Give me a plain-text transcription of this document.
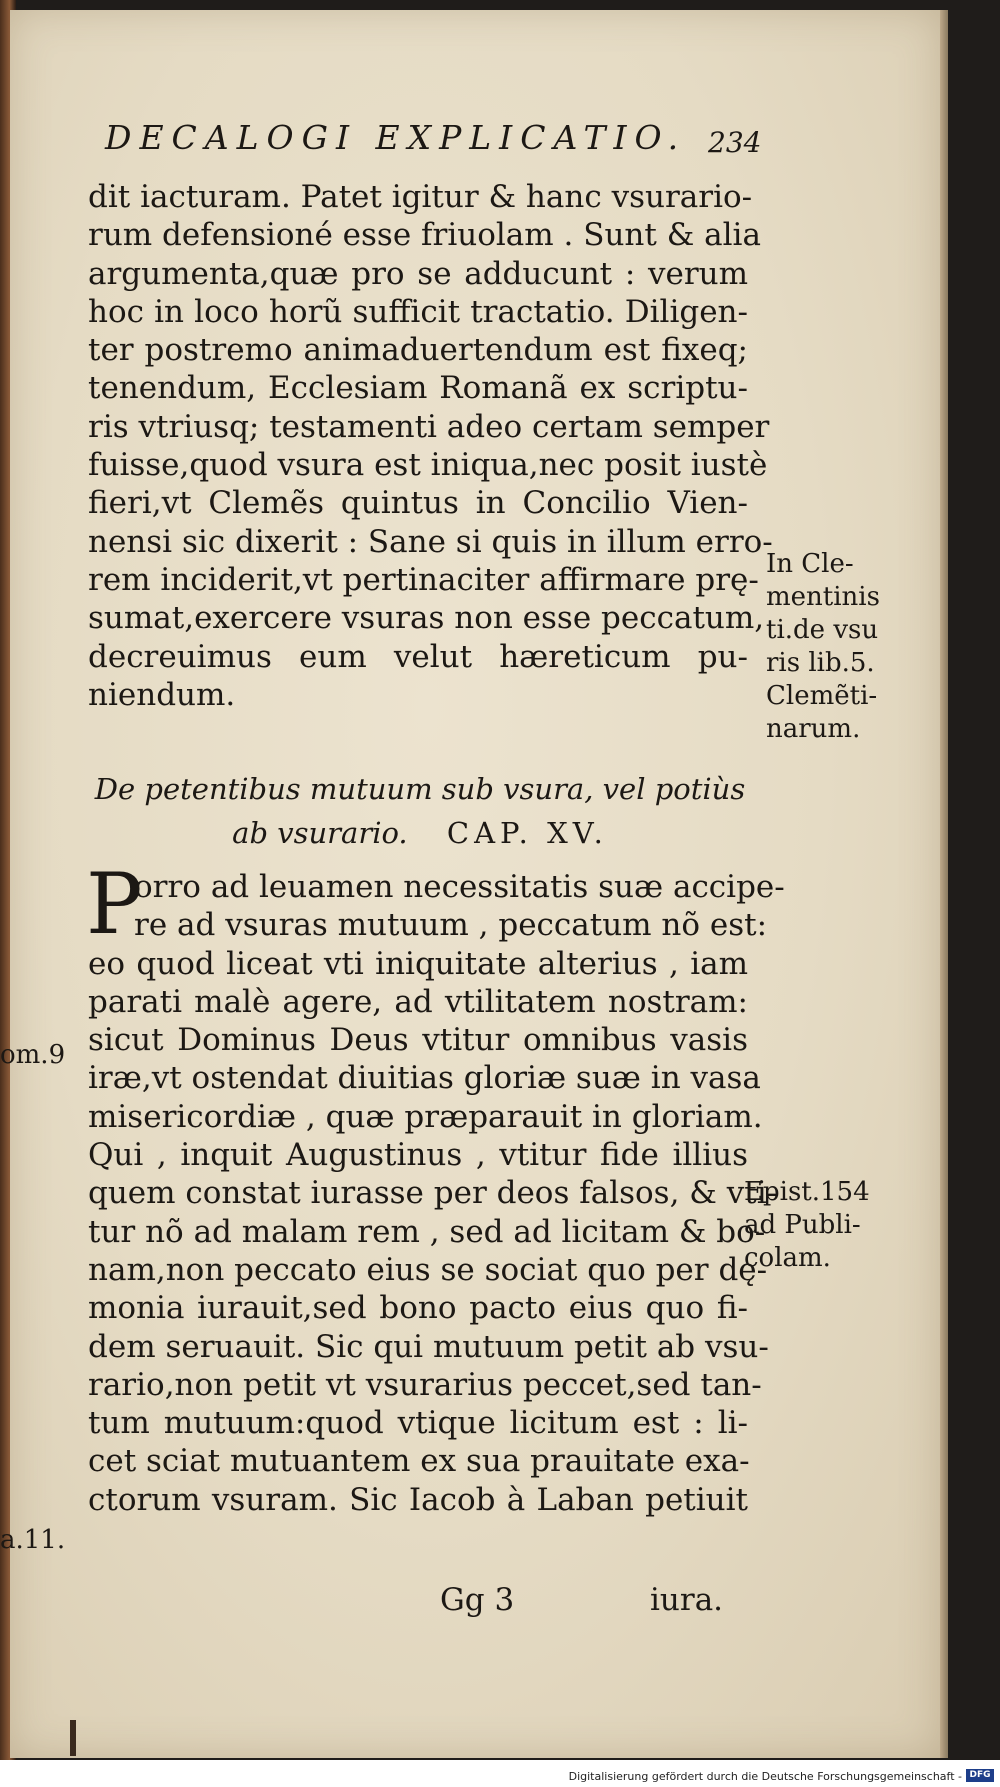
DECALOGI EXPLICATIO. 234
dit iacturam. Patet igitur & hanc vsurario-
rum defensioné esse friuolam . Sunt & alia
argumenta,quæ pro se adducunt : verum
hoc in loco horũ sufficit tractatio. Diligen-
ter postremo animaduertendum est fixeq;
tenendum, Ecclesiam Romanã ex scriptu-
ris vtriusq; testamenti adeo certam semper
fuisse,quod vsura est iniqua,nec posit iustè
fieri,vt Clemẽs quintus in Concilio Vien-
nensi sic dixerit : Sane si quis in illum erro-
rem inciderit,vt pertinaciter affirmare prę-
sumat,exercere vsuras non esse peccatum,
decreuimus eum velut hæreticum pu-
niendum.
In Cle-
mentinis
ti.de vsu
ris lib.5.
Clemẽti-
narum.
De petentibus mutuum sub vsura, vel potiùs
ab vsurario. CAP. XV.
P
orro ad leuamen necessitatis suæ accipe-
re ad vsuras mutuum , peccatum nõ est:
eo quod liceat vti iniquitate alterius , iam
parati malè agere, ad vtilitatem nostram:
sicut Dominus Deus vtitur omnibus vasis
iræ,vt ostendat diuitias gloriæ suæ in vasa
misericordiæ , quæ præparauit in gloriam.
Qui , inquit Augustinus , vtitur fide illius
quem constat iurasse per deos falsos, & vti-
tur nõ ad malam rem , sed ad licitam & bo-
nam,non peccato eius se sociat quo per dę-
monia iurauit,sed bono pacto eius quo fi-
dem seruauit. Sic qui mutuum petit ab vsu-
rario,non petit vt vsurarius peccet,sed tan-
tum mutuum:quod vtique licitum est : li-
cet sciat mutuantem ex sua prauitate exa-
ctorum vsuram. Sic Iacob à Laban petiuit
om.9
a.11.
Epist.154
ad Publi-
colam.
Gg 3	iura.
Digitalisierung gefördert durch die Deutsche Forschungsgemeinschaft - DFG
